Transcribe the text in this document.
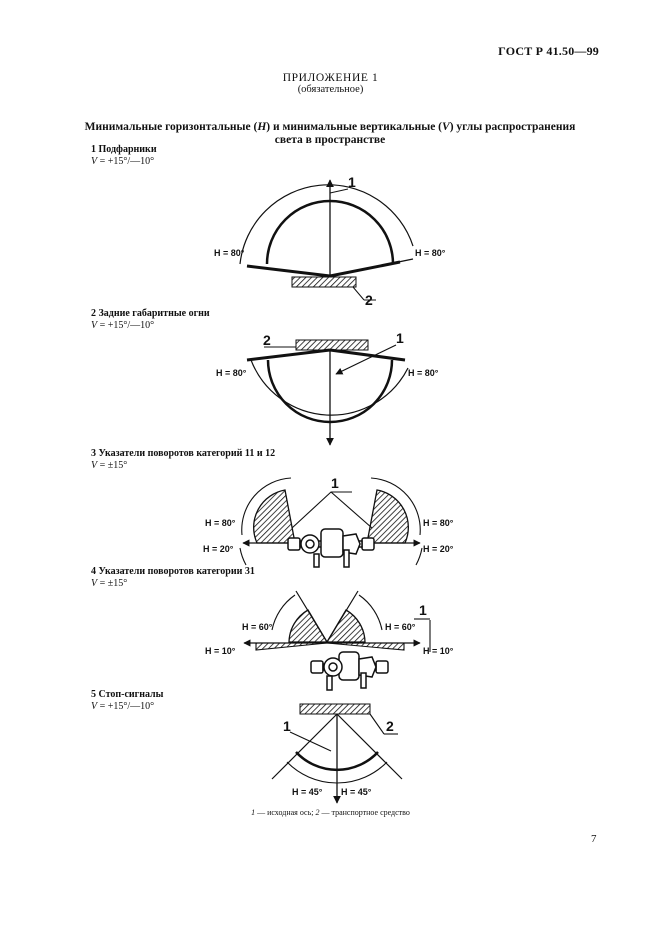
ГОСТ Р 41.50—99
ПРИЛОЖЕНИЕ 1
(обязательное)
Минимальные горизонтальные (H) и минимальные вертикальные (V) углы распространения
света в пространстве
1 Подфарники
V = +15°/—10°
2 Задние габаритные огни
V = +15°/—10°
3 Указатели поворотов категорий 11 и 12
V = ±15°
4 Указатели поворотов категории 31
V = ±15°
5 Стоп-сигналы
V = +15°/—10°
H = 80°	H = 80°
1
2
H = 80°	H = 80°
1
2
H = 80°
H = 20°
H = 80°
H = 20°
1
H = 60°
H = 10°
H = 60°
H = 10°
1
H = 45° H = 45°
1	2
1 — исходная ось; 2 — транспортное средство
7
